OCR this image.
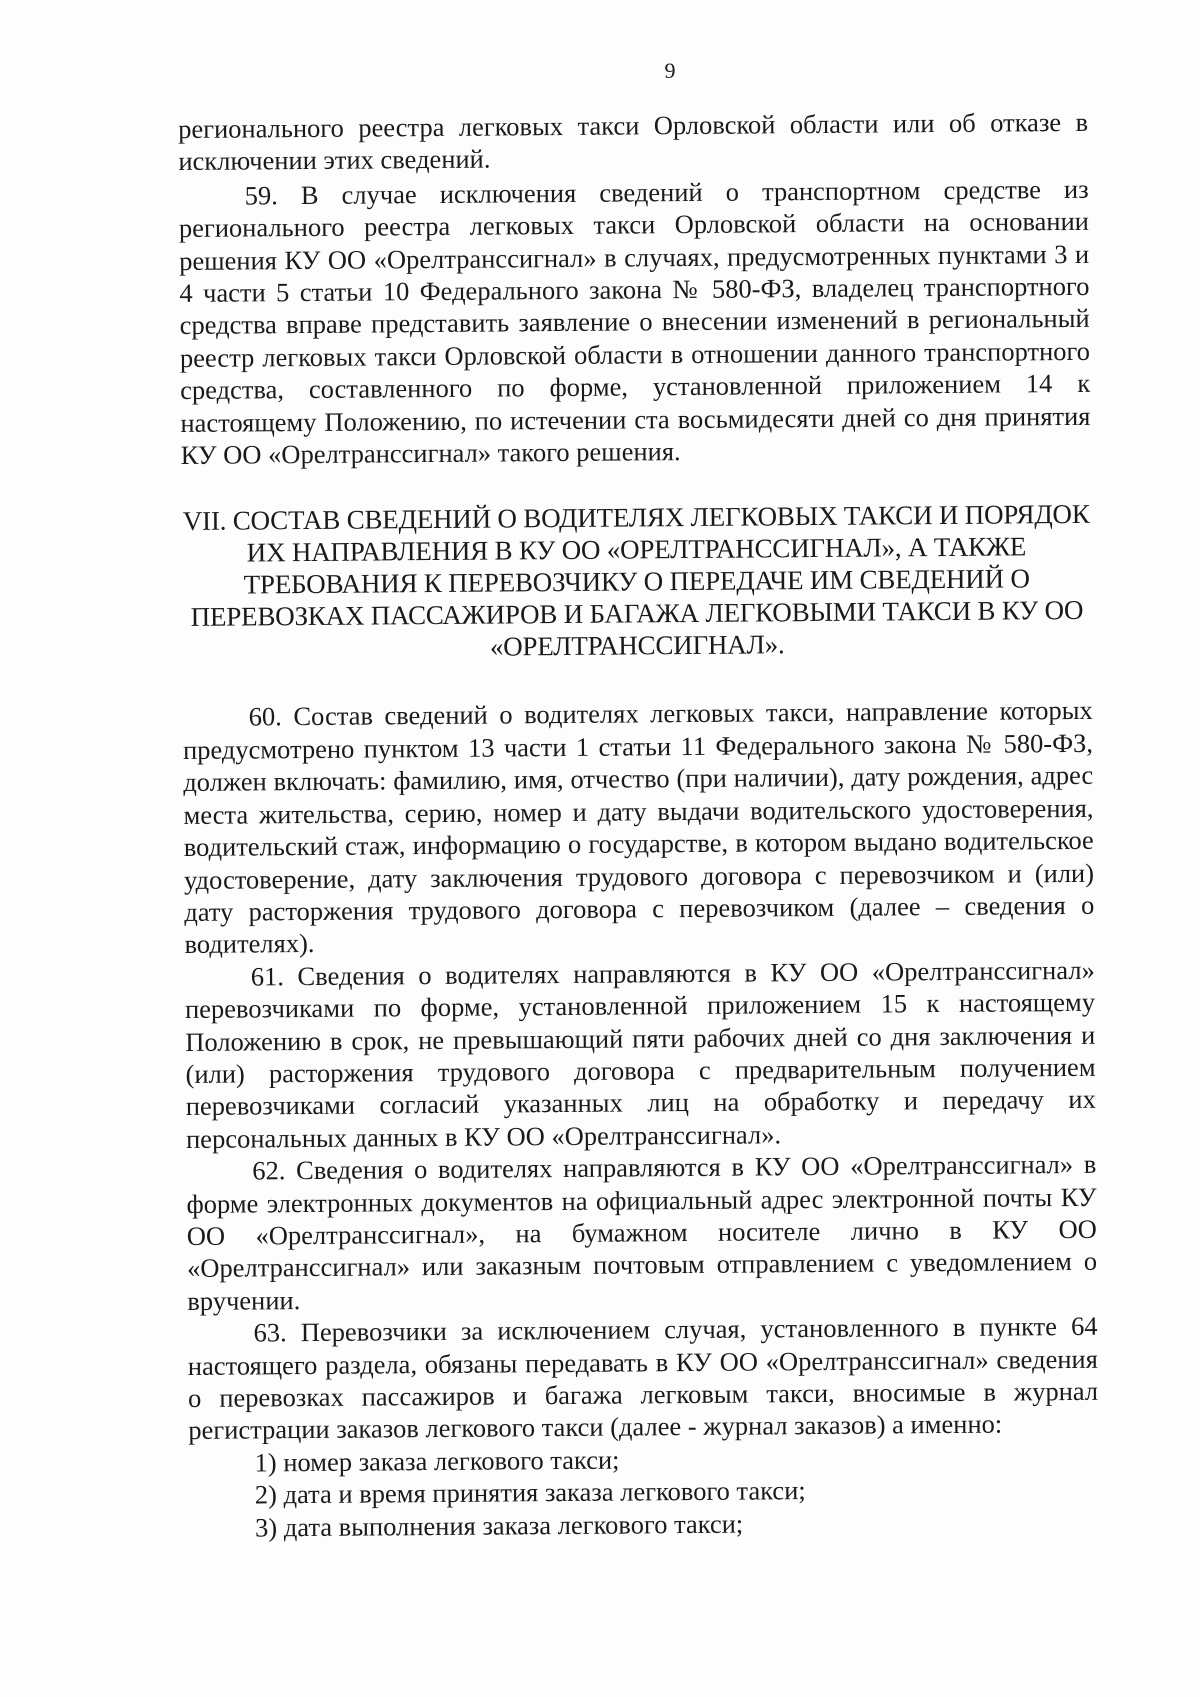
9

регионального реестра легковых такси Орловской области или об отказе в исключении этих сведений.

59. В случае исключения сведений о транспортном средстве из регионального реестра легковых такси Орловской области на основании решения КУ ОО «Орелтранссигнал» в случаях, предусмотренных пунктами 3 и 4 части 5 статьи 10 Федерального закона № 580-ФЗ, владелец транспортного средства вправе представить заявление о внесении изменений в региональный реестр легковых такси Орловской области в отношении данного транспортного средства, составленного по форме, установленной приложением 14 к настоящему Положению, по истечении ста восьмидесяти дней со дня принятия КУ ОО «Орелтранссигнал» такого решения.

VII. СОСТАВ СВЕДЕНИЙ О ВОДИТЕЛЯХ ЛЕГКОВЫХ ТАКСИ И ПОРЯДОК ИХ НАПРАВЛЕНИЯ В КУ ОО «ОРЕЛТРАНССИГНАЛ», А ТАКЖЕ ТРЕБОВАНИЯ К ПЕРЕВОЗЧИКУ О ПЕРЕДАЧЕ ИМ СВЕДЕНИЙ О ПЕРЕВОЗКАХ ПАССАЖИРОВ И БАГАЖА ЛЕГКОВЫМИ ТАКСИ В КУ ОО «ОРЕЛТРАНССИГНАЛ».

60. Состав сведений о водителях легковых такси, направление которых предусмотрено пунктом 13 части 1 статьи 11 Федерального закона № 580-ФЗ, должен включать: фамилию, имя, отчество (при наличии), дату рождения, адрес места жительства, серию, номер и дату выдачи водительского удостоверения, водительский стаж, информацию о государстве, в котором выдано водительское удостоверение, дату заключения трудового договора с перевозчиком и (или) дату расторжения трудового договора с перевозчиком (далее – сведения о водителях).

61. Сведения о водителях направляются в КУ ОО «Орелтранссигнал» перевозчиками по форме, установленной приложением 15 к настоящему Положению в срок, не превышающий пяти рабочих дней со дня заключения и (или) расторжения трудового договора с предварительным получением перевозчиками согласий указанных лиц на обработку и передачу их персональных данных в КУ ОО «Орелтранссигнал».

62. Сведения о водителях направляются в КУ ОО «Орелтранссигнал» в форме электронных документов на официальный адрес электронной почты КУ ОО «Орелтранссигнал», на бумажном носителе лично в КУ ОО «Орелтранссигнал» или заказным почтовым отправлением с уведомлением о вручении.

63. Перевозчики за исключением случая, установленного в пункте 64 настоящего раздела, обязаны передавать в КУ ОО «Орелтранссигнал» сведения о перевозках пассажиров и багажа легковым такси, вносимые в журнал регистрации заказов легкового такси (далее - журнал заказов) а именно:

1) номер заказа легкового такси;

2) дата и время принятия заказа легкового такси;

3) дата выполнения заказа легкового такси;
